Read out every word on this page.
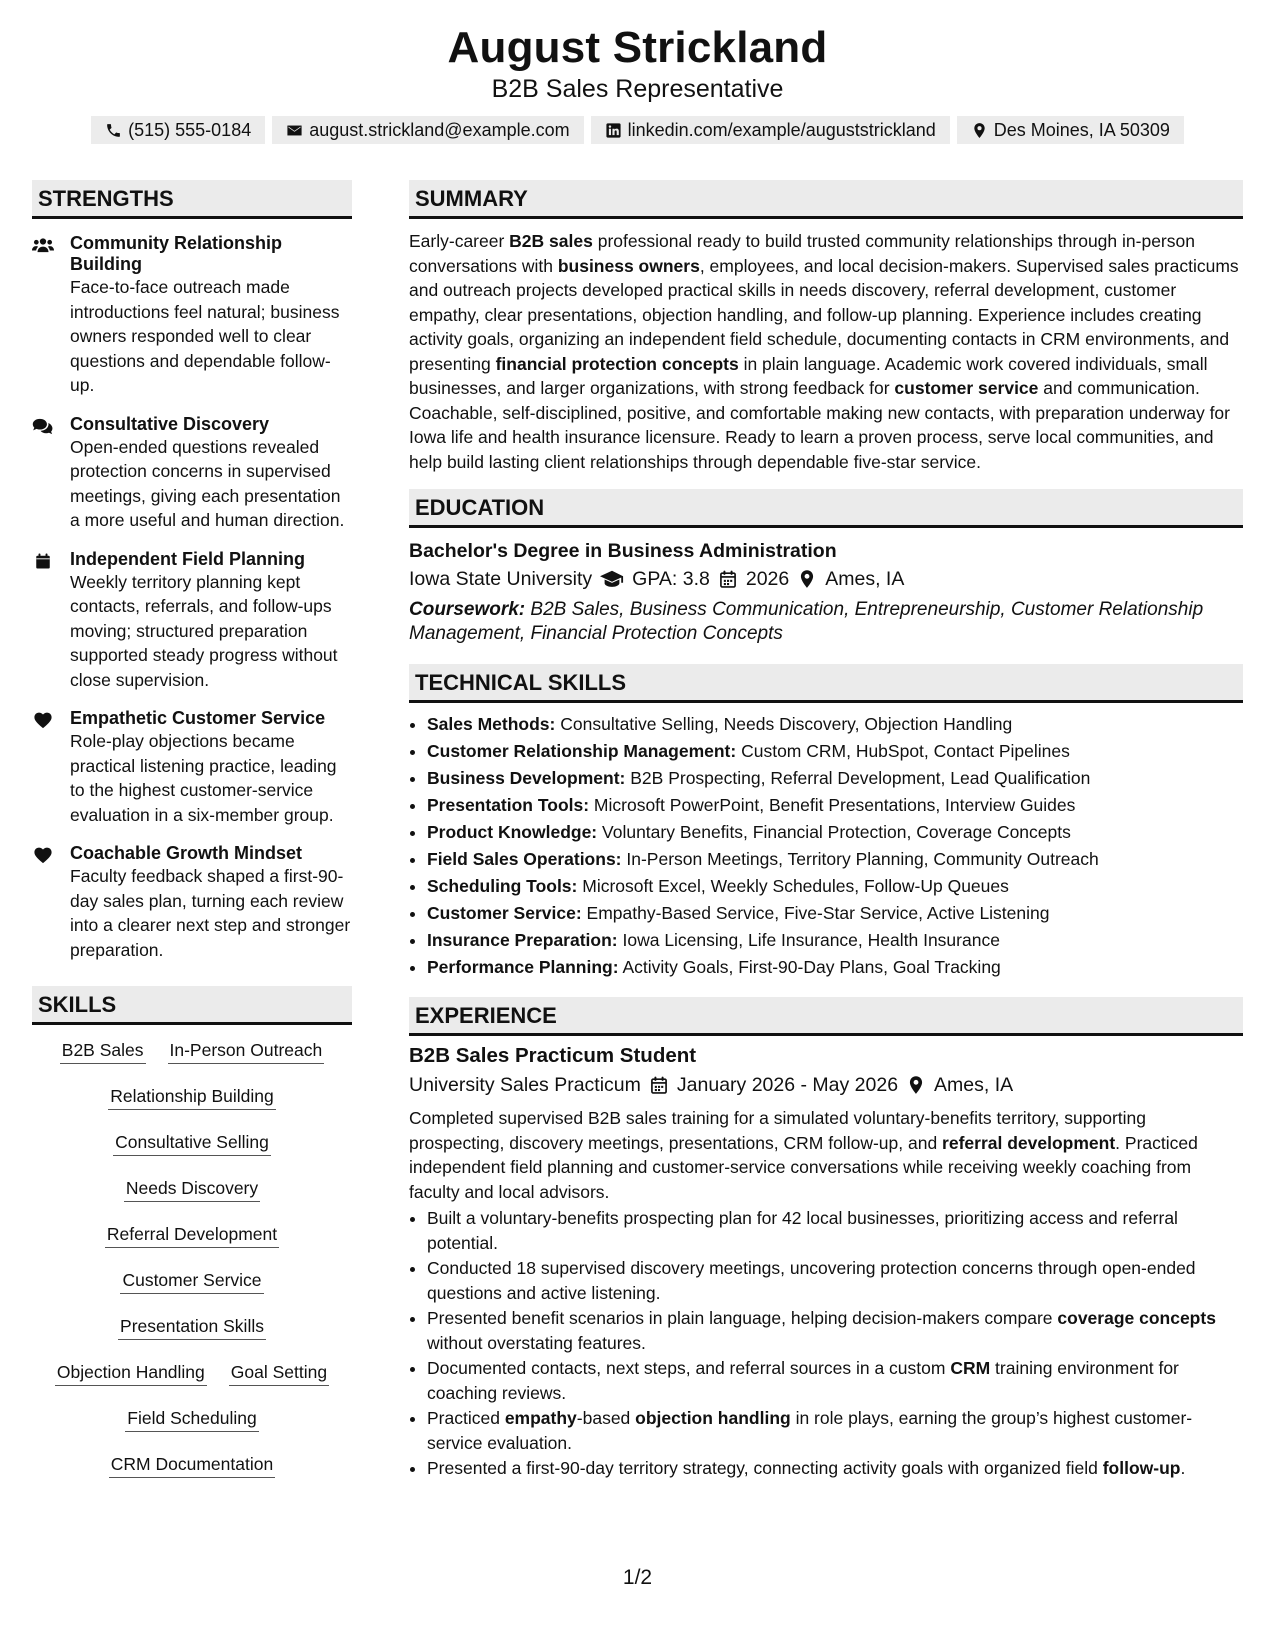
August Strickland
B2B Sales Representative
(515) 555-0184	august.strickland@example.com	linkedin.com/example/auguststrickland	Des Moines, IA 50309
STRENGTHS
Community Relationship Building
Face-to-face outreach made introductions feel natural; business owners responded well to clear questions and dependable follow-up.
Consultative Discovery
Open-ended questions revealed protection concerns in supervised meetings, giving each presentation a more useful and human direction.
Independent Field Planning
Weekly territory planning kept contacts, referrals, and follow-ups moving; structured preparation supported steady progress without close supervision.
Empathetic Customer Service
Role-play objections became practical listening practice, leading to the highest customer-service evaluation in a six-member group.
Coachable Growth Mindset
Faculty feedback shaped a first-90-day sales plan, turning each review into a clearer next step and stronger preparation.
SKILLS
B2B Sales In-Person Outreach
Relationship Building
Consultative Selling
Needs Discovery
Referral Development
Customer Service
Presentation Skills
Objection Handling Goal Setting
Field Scheduling
CRM Documentation
SUMMARY
Early-career B2B sales professional ready to build trusted community relationships through in-person conversations with business owners, employees, and local decision-makers. Supervised sales practicums and outreach projects developed practical skills in needs discovery, referral development, customer empathy, clear presentations, objection handling, and follow-up planning. Experience includes creating activity goals, organizing an independent field schedule, documenting contacts in CRM environments, and presenting financial protection concepts in plain language. Academic work covered individuals, small businesses, and larger organizations, with strong feedback for customer service and communication. Coachable, self-disciplined, positive, and comfortable making new contacts, with preparation underway for Iowa life and health insurance licensure. Ready to learn a proven process, serve local communities, and help build lasting client relationships through dependable five-star service.
EDUCATION
Bachelor's Degree in Business Administration
Iowa State University GPA: 3.8 2026 Ames, IA
Coursework: B2B Sales, Business Communication, Entrepreneurship, Customer Relationship Management, Financial Protection Concepts
TECHNICAL SKILLS
• Sales Methods: Consultative Selling, Needs Discovery, Objection Handling
• Customer Relationship Management: Custom CRM, HubSpot, Contact Pipelines
• Business Development: B2B Prospecting, Referral Development, Lead Qualification
• Presentation Tools: Microsoft PowerPoint, Benefit Presentations, Interview Guides
• Product Knowledge: Voluntary Benefits, Financial Protection, Coverage Concepts
• Field Sales Operations: In-Person Meetings, Territory Planning, Community Outreach
• Scheduling Tools: Microsoft Excel, Weekly Schedules, Follow-Up Queues
• Customer Service: Empathy-Based Service, Five-Star Service, Active Listening
• Insurance Preparation: Iowa Licensing, Life Insurance, Health Insurance
• Performance Planning: Activity Goals, First-90-Day Plans, Goal Tracking
EXPERIENCE
B2B Sales Practicum Student
University Sales Practicum January 2026 - May 2026 Ames, IA
Completed supervised B2B sales training for a simulated voluntary-benefits territory, supporting prospecting, discovery meetings, presentations, CRM follow-up, and referral development. Practiced independent field planning and customer-service conversations while receiving weekly coaching from faculty and local advisors.
• Built a voluntary-benefits prospecting plan for 42 local businesses, prioritizing access and referral potential.
• Conducted 18 supervised discovery meetings, uncovering protection concerns through open-ended questions and active listening.
• Presented benefit scenarios in plain language, helping decision-makers compare coverage concepts without overstating features.
• Documented contacts, next steps, and referral sources in a custom CRM training environment for coaching reviews.
• Practiced empathy-based objection handling in role plays, earning the group’s highest customer-service evaluation.
• Presented a first-90-day territory strategy, connecting activity goals with organized field follow-up.
1/2
